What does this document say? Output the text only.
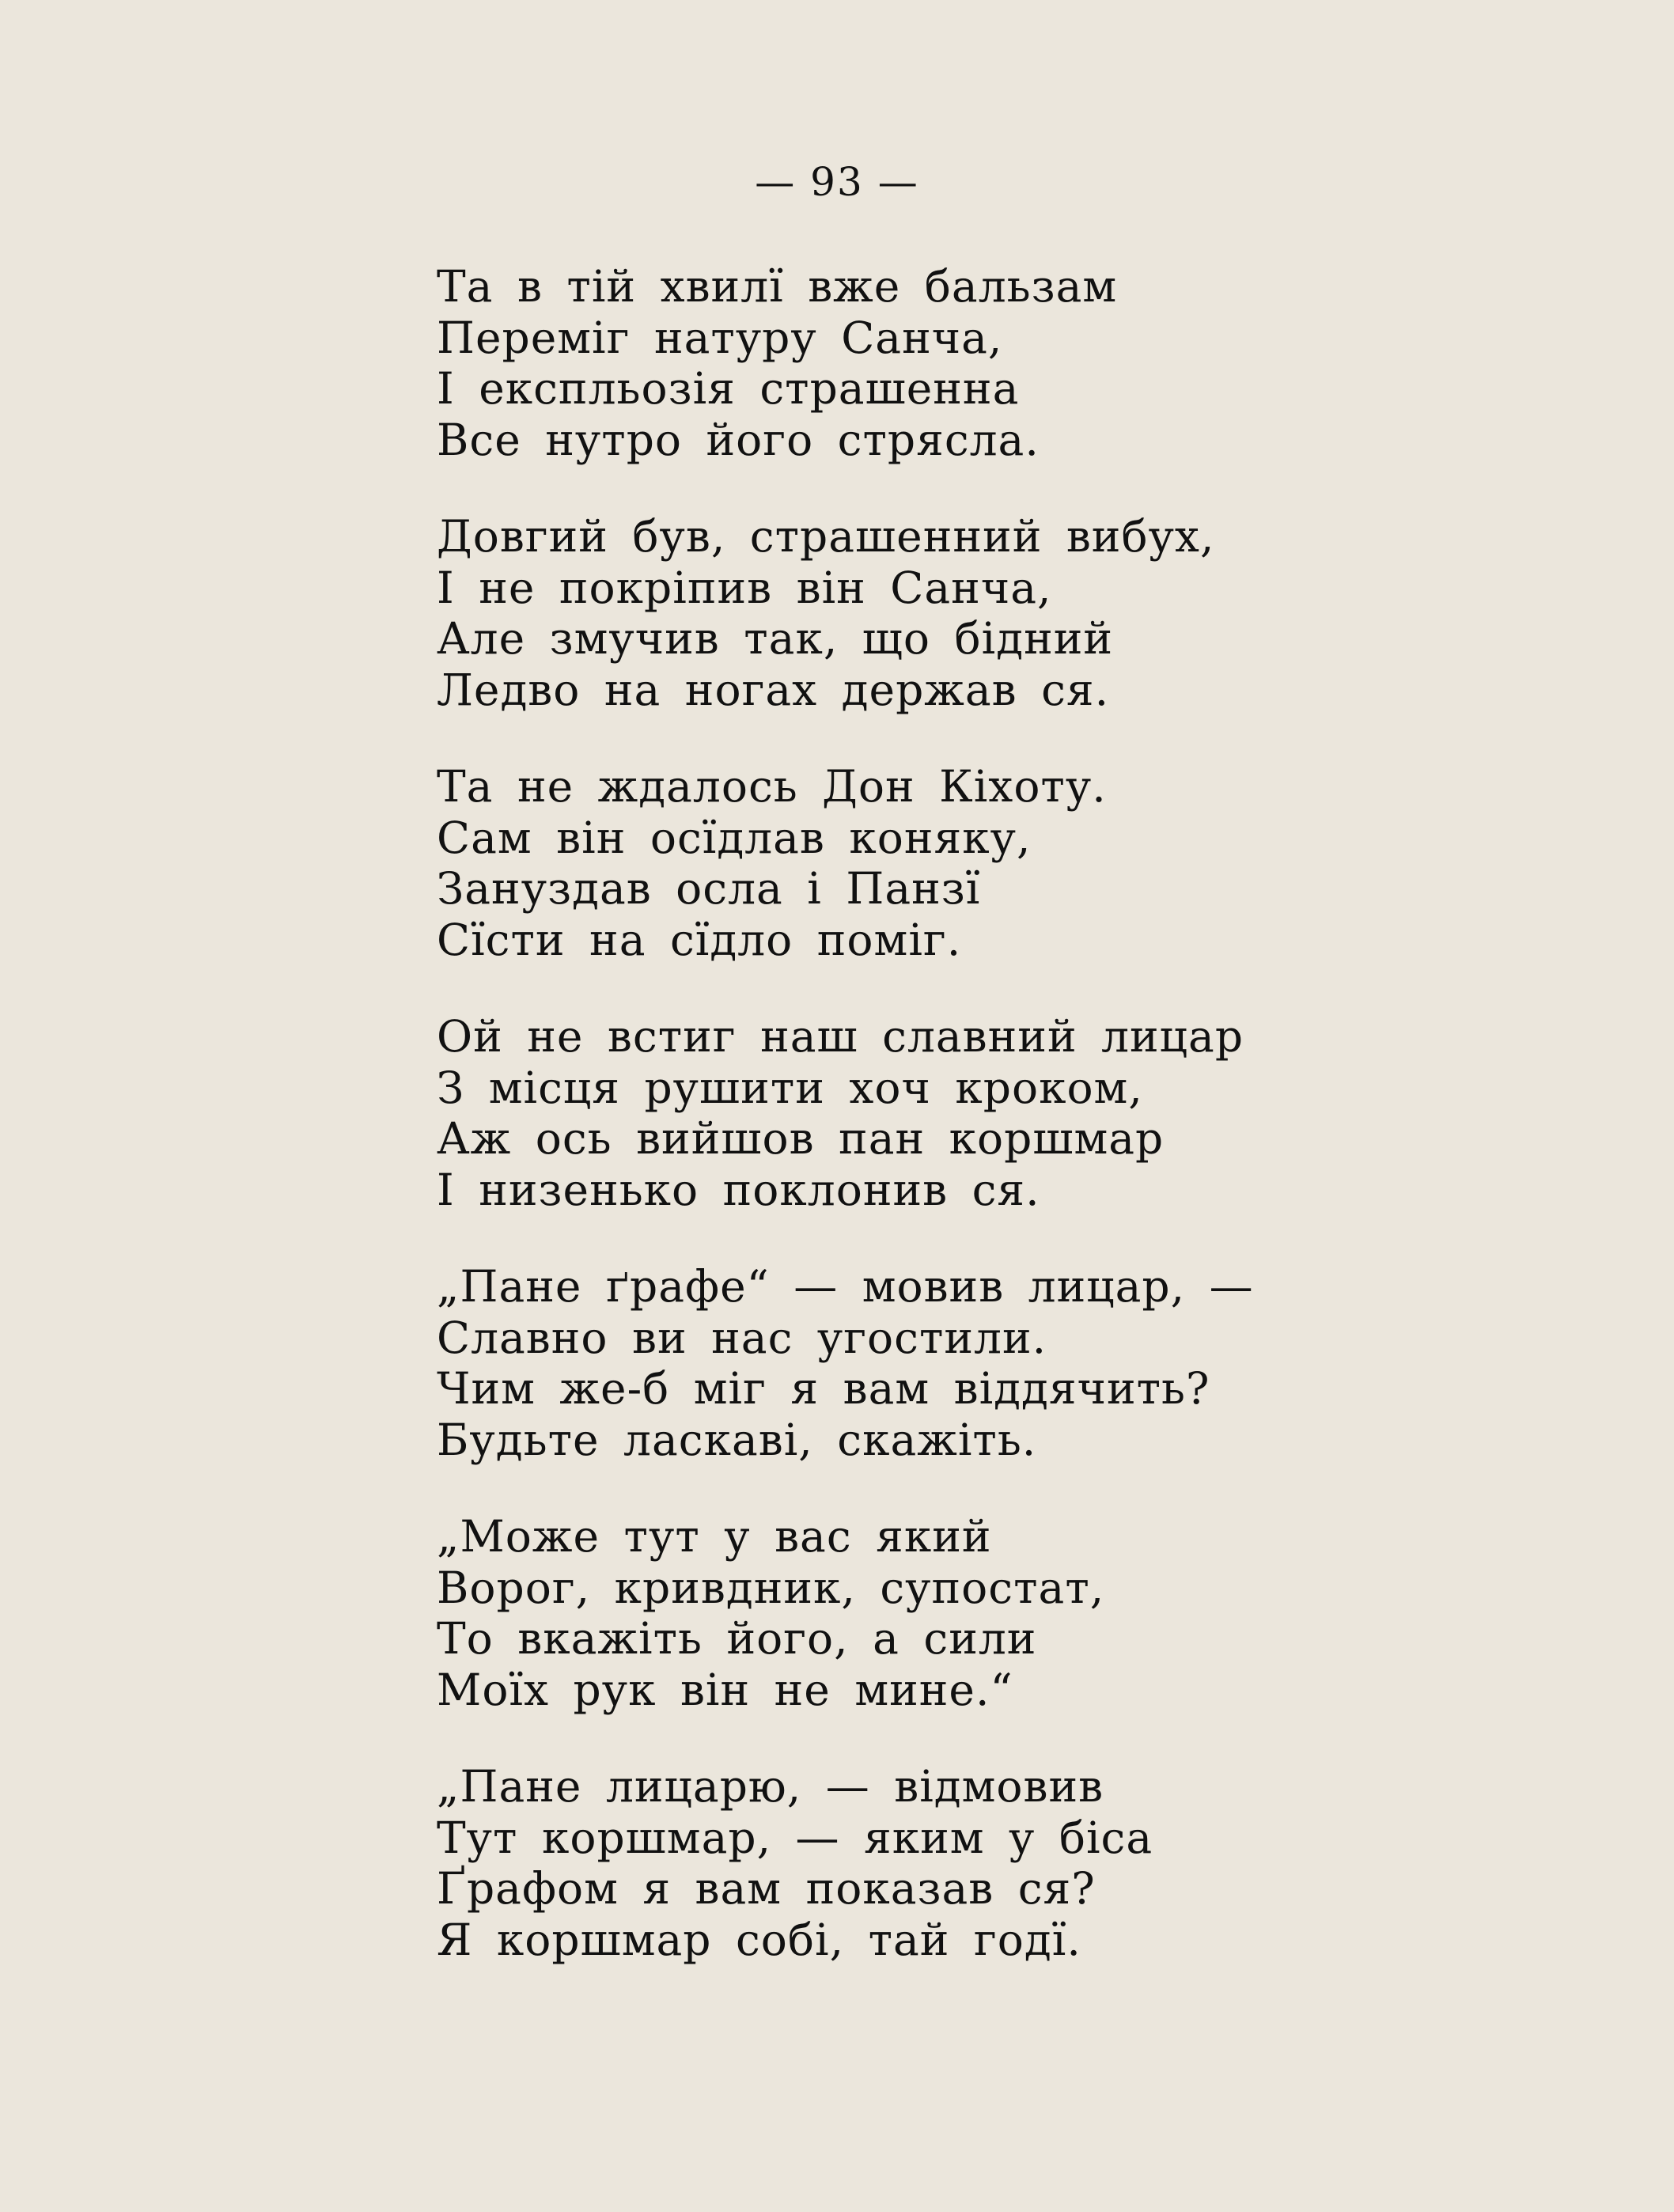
— 93 —
Та в тій хвилї вже бальзам
Переміг натуру Санча,
І експльозія страшенна
Все нутро його стрясла.
Довгий був, страшенний вибух,
І не покріпив він Санча,
Але змучив так, що бідний
Ледво на ногах держав ся.
Та не ждалось Дон Кіхоту.
Сам він осїдлав коняку,
Зануздав осла і Панзї
Сїсти на сїдло поміг.
Ой не встиг наш славний лицар
З місця рушити хоч кроком,
Аж ось вийшов пан коршмар
І низенько поклонив ся.
„Пане ґрафе“ — мовив лицар, —
Славно ви нас угостили.
Чим же-б міг я вам віддячить?
Будьте ласкаві, скажіть.
„Може тут у вас який
Ворог, кривдник, супостат,
То вкажіть його, а сили
Моїх рук він не мине.“
„Пане лицарю, — відмовив
Тут коршмар, — яким у біса
Ґрафом я вам показав ся?
Я коршмар собі, тай годї.
